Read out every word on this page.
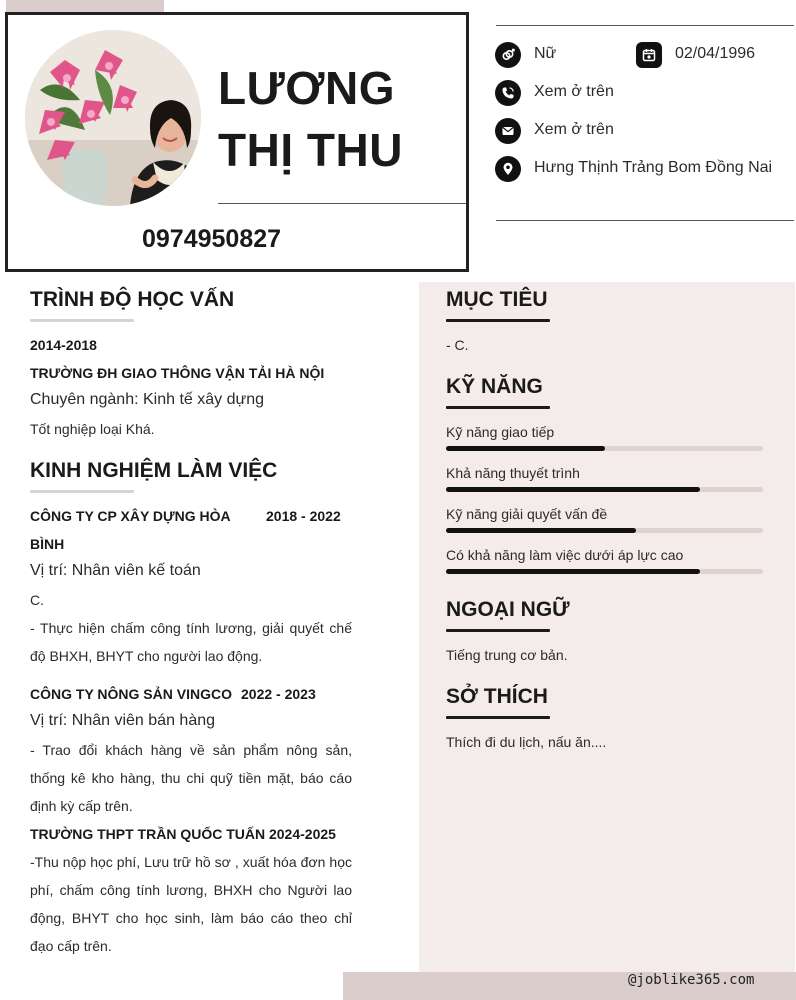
LƯƠNG
THỊ THU
0974950827
Nữ	02/04/1996
Xem ở trên
Xem ở trên
Hưng Thịnh Trảng Bom Đồng Nai
@joblike365.com
TRÌNH ĐỘ HỌC VẤN
2014-2018
TRƯỜNG ĐH GIAO THÔNG VẬN TẢI HÀ NỘI
Chuyên ngành: Kinh tế xây dựng
Tốt nghiệp loại Khá.
KINH NGHIỆM LÀM VIỆC
CÔNG TY CP XÂY DỰNG HÒA BÌNH
2018 - 2022
Vị trí: Nhân viên kế toán
C.
- Thực hiện chấm công tính lương, giải quyết chế độ BHXH, BHYT cho người lao động.
CÔNG TY NÔNG SẢN VINGCO 2022 - 2023
Vị trí: Nhân viên bán hàng
- Trao đổi khách hàng về sản phẩm nông sản, thống kê kho hàng, thu chi quỹ tiền mặt, báo cáo định kỳ cấp trên.
TRƯỜNG THPT TRẦN QUỐC TUẤN 2024-2025
-Thu nộp học phí, Lưu trữ hồ sơ , xuất hóa đơn học phí, chấm công tính lương, BHXH cho Người lao động, BHYT cho học sinh, làm báo cáo theo chỉ đạo cấp trên.
MỤC TIÊU
- C.
KỸ NĂNG
Kỹ năng giao tiếp
Khả năng thuyết trình
Kỹ năng giải quyết vấn đề
Có khả năng làm việc dưới áp lực cao
NGOẠI NGỮ
Tiếng trung cơ bản.
SỞ THÍCH
Thích đi du lịch, nấu ăn....
